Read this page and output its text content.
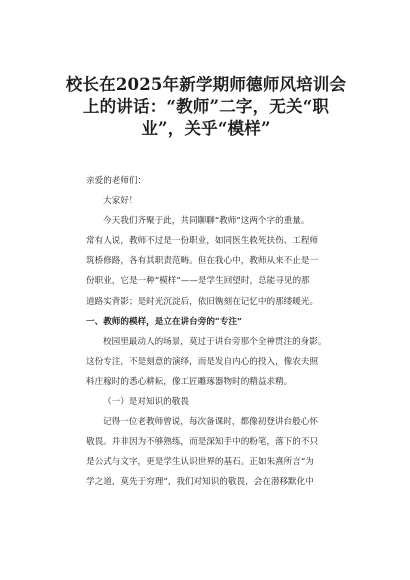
校长在2025年新学期师德师风培训会
上的讲话：“教师”二字，无关“职
业”，关乎“模样”
亲爱的老师们：
大家好！
今天我们齐聚于此，共同聊聊“教师”这两个字的重量。
常有人说，教师不过是一份职业，如同医生救死扶伤、工程师
筑桥修路，各有其职责范畴。但在我心中，教师从来不止是一
份职业，它是一种“模样”——是学生回望时，总能寻见的那
道路实背影；是时光沉淀后，依旧镌刻在记忆中的那缕暖光。
一、教师的模样，是立在讲台旁的“专注”
校园里最动人的场景，莫过于讲台旁那个全神贯注的身影。
这份专注，不是刻意的演绎，而是发自内心的投入，像农夫照
料庄稼时的悉心耕耘，像工匠雕琢器物时的精益求精。
（一）是对知识的敬畏
记得一位老教师曾说，每次备课时，都像初登讲台般心怀
敬畏。并非因为不够熟练，而是深知手中的粉笔，落下的不只
是公式与文字，更是学生认识世界的基石。正如朱熹所言“为
学之道，莫先于穷理”，我们对知识的敬畏，会在潜移默化中
